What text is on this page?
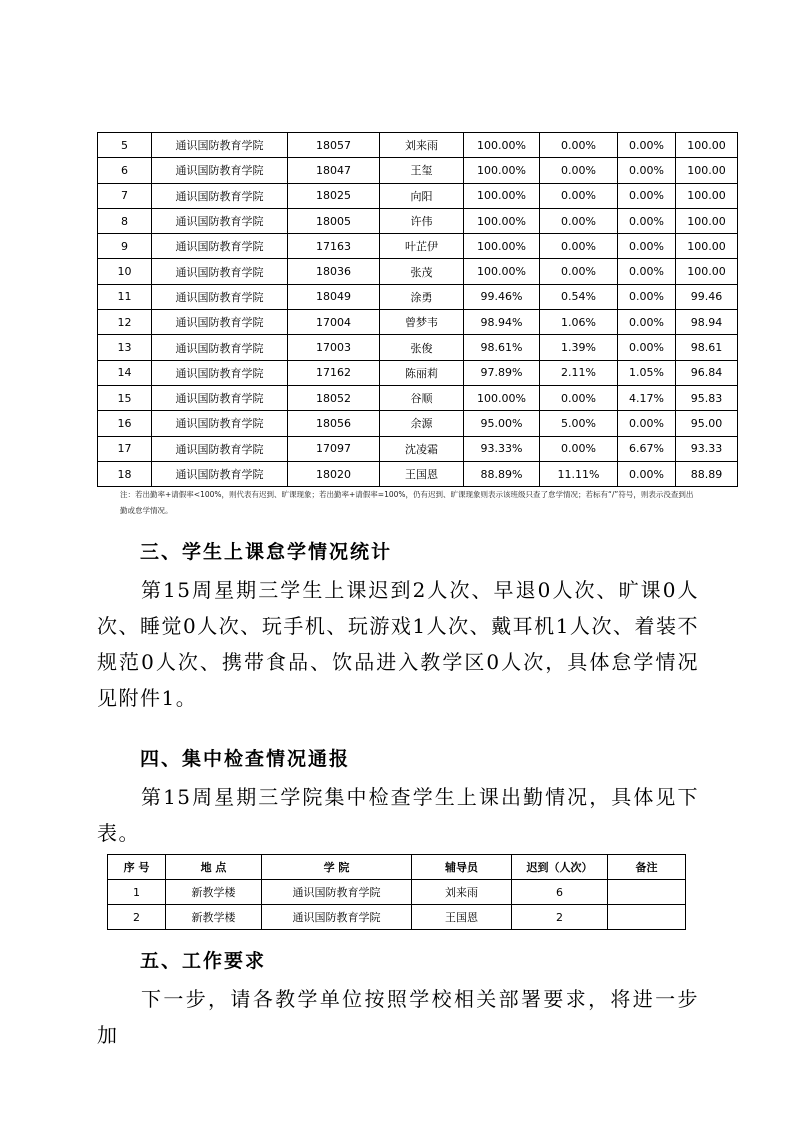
5	通识国防教育学院	18057	刘来雨	100.00%	0.00%	0.00%	100.00
6	通识国防教育学院	18047	王玺	100.00%	0.00%	0.00%	100.00
7	通识国防教育学院	18025	向阳	100.00%	0.00%	0.00%	100.00
8	通识国防教育学院	18005	许伟	100.00%	0.00%	0.00%	100.00
9	通识国防教育学院	17163	叶芷伊	100.00%	0.00%	0.00%	100.00
10	通识国防教育学院	18036	张茂	100.00%	0.00%	0.00%	100.00
11	通识国防教育学院	18049	涂勇	99.46%	0.54%	0.00%	99.46
12	通识国防教育学院	17004	曾梦韦	98.94%	1.06%	0.00%	98.94
13	通识国防教育学院	17003	张俊	98.61%	1.39%	0.00%	98.61
14	通识国防教育学院	17162	陈丽莉	97.89%	2.11%	1.05%	96.84
15	通识国防教育学院	18052	谷顺	100.00%	0.00%	4.17%	95.83
16	通识国防教育学院	18056	余源	95.00%	5.00%	0.00%	95.00
17	通识国防教育学院	17097	沈凌霜	93.33%	0.00%	6.67%	93.33
18	通识国防教育学院	18020	王国恩	88.89%	11.11%	0.00%	88.89
注：若出勤率+请假率<100%，则代表有迟到、旷课现象；若出勤率+请假率=100%，仍有迟到、旷课现象则表示该班级只查了怠学情况；若标有“/”符号，则表示没查到出勤或怠学情况。
三、学生上课怠学情况统计
第15周星期三学生上课迟到2人次、早退0人次、旷课0人次、睡觉0人次、玩手机、玩游戏1人次、戴耳机1人次、着装不规范0人次、携带食品、饮品进入教学区0人次，具体怠学情况见附件1。
四、集中检查情况通报
第15周星期三学院集中检查学生上课出勤情况，具体见下表。
序 号	地 点	学 院	辅导员	迟到（人次）	备注
1	新教学楼	通识国防教育学院	刘来雨	6	
2	新教学楼	通识国防教育学院	王国恩	2	
五、工作要求
下一步，请各教学单位按照学校相关部署要求，将进一步加
